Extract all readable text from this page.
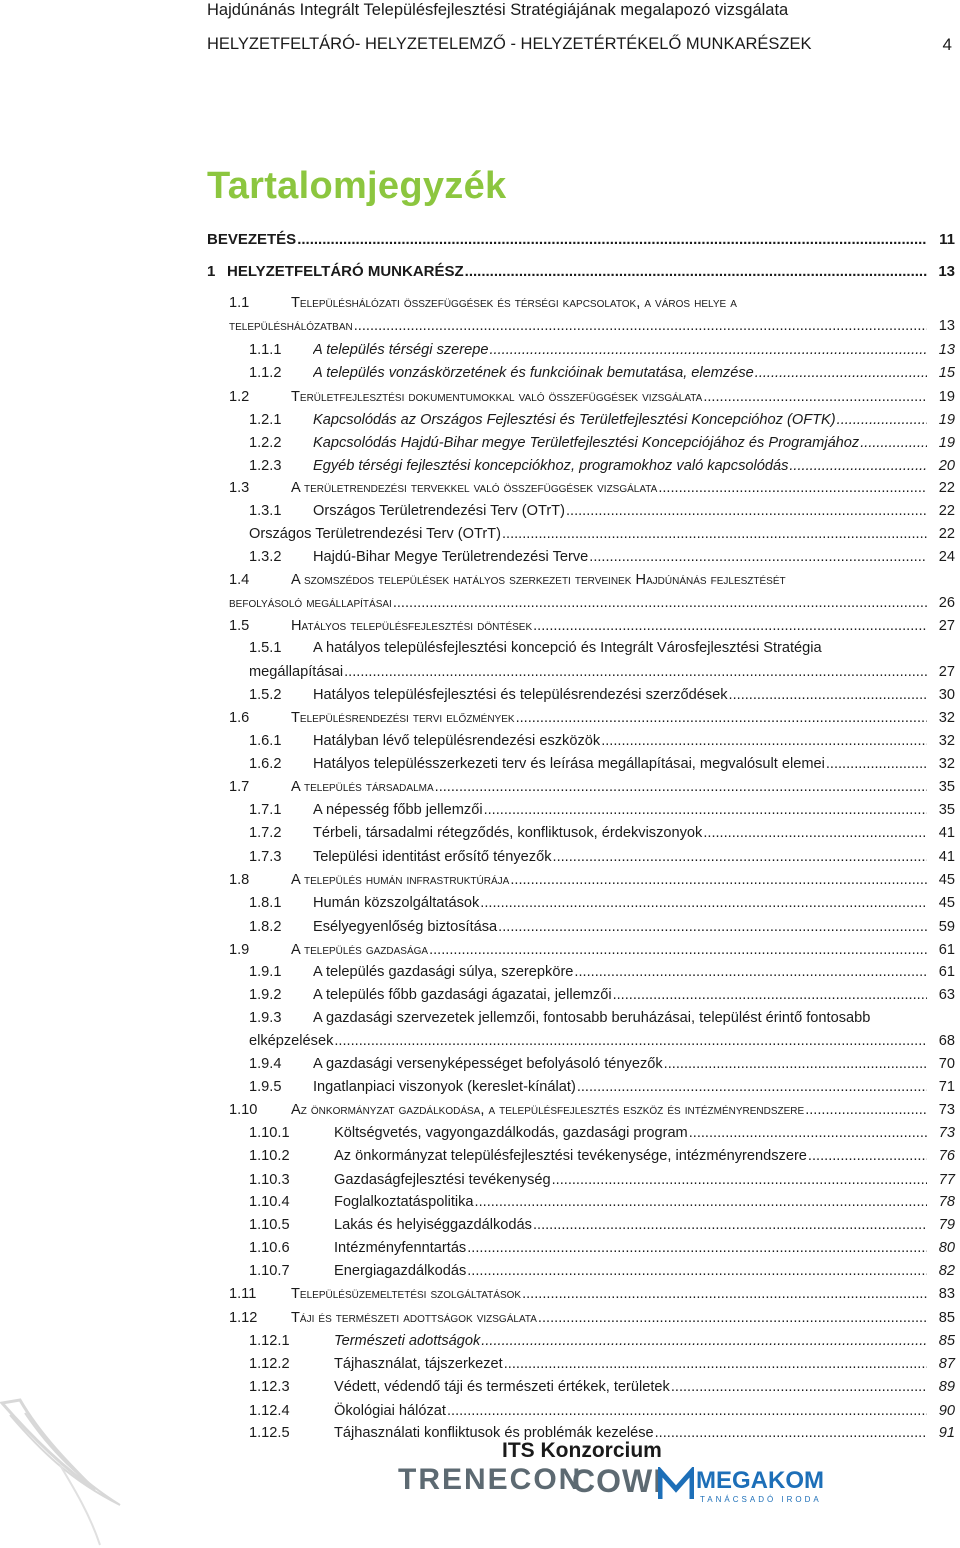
Hajdúnánás Integrált Településfejlesztési Stratégiájának megalapozó vizsgálata
HELYZETFELTÁRÓ- HELYZETELEMZŐ - HELYZETÉRTÉKELŐ MUNKARÉSZEK	4
Tartalomjegyzék
BEVEZETÉS .....	11
1 HELYZETFELTÁRÓ MUNKARÉSZ .....	13
1.1	Településhálózati összefüggések és térségi kapcsolatok, a város helye a
településhálózatban .....	13
1.1.1 A település térségi szerepe .....	13
1.1.2 A település vonzáskörzetének és funkcióinak bemutatása, elemzése .....	15
1.2	Területfejlesztési dokumentumokkal való összefüggések vizsgálata .....	19
1.2.1 Kapcsolódás az Országos Fejlesztési és Területfejlesztési Koncepcióhoz (OFTK) .....	19
1.2.2 Kapcsolódás Hajdú-Bihar megye Területfejlesztési Koncepciójához és Programjához .....	19
1.2.3 Egyéb térségi fejlesztési koncepciókhoz, programokhoz való kapcsolódás .....	20
1.3	A területrendezési tervekkel való összefüggések vizsgálata .....	22
1.3.1 Országos Területrendezési Terv (OTrT) .....	22
Országos Területrendezési Terv (OTrT) .....	22
1.3.2 Hajdú-Bihar Megye Területrendezési Terve .....	24
1.4	A szomszédos települések hatályos szerkezeti terveinek Hajdúnánás fejlesztését
befolyásoló megállapításai .....	26
1.5	Hatályos településfejlesztési döntések .....	27
1.5.1 A hatályos településfejlesztési koncepció és Integrált Városfejlesztési Stratégia
megállapításai .....	27
1.5.2 Hatályos településfejlesztési és településrendezési szerződések .....	30
1.6	Településrendezési tervi előzmények .....	32
1.6.1 Hatályban lévő településrendezési eszközök .....	32
1.6.2 Hatályos településszerkezeti terv és leírása megállapításai, megvalósult elemei .....	32
1.7	A település társadalma .....	35
1.7.1 A népesség főbb jellemzői .....	35
1.7.2 Térbeli, társadalmi rétegződés, konfliktusok, érdekviszonyok .....	41
1.7.3 Települési identitást erősítő tényezők .....	41
1.8	A település humán infrastruktúrája .....	45
1.8.1 Humán közszolgáltatások .....	45
1.8.2 Esélyegyenlőség biztosítása .....	59
1.9	A település gazdasága .....	61
1.9.1 A település gazdasági súlya, szerepköre .....	61
1.9.2 A település főbb gazdasági ágazatai, jellemzői .....	63
1.9.3 A gazdasági szervezetek jellemzői, fontosabb beruházásai, települést érintő fontosabb
elképzelések .....	68
1.9.4 A gazdasági versenyképességet befolyásoló tényezők .....	70
1.9.5 Ingatlanpiaci viszonyok (kereslet-kínálat) .....	71
1.10 Az önkormányzat gazdálkodása, a településfejlesztés eszköz és intézményrendszere .....	73
1.10.1	Költségvetés, vagyongazdálkodás, gazdasági program .....	73
1.10.2	Az önkormányzat településfejlesztési tevékenysége, intézményrendszere .....	76
1.10.3	Gazdaságfejlesztési tevékenység .....	77
1.10.4	Foglalkoztatáspolitika .....	78
1.10.5	Lakás és helyiséggazdálkodás .....	79
1.10.6	Intézményfenntartás .....	80
1.10.7	Energiagazdálkodás .....	82
1.11 Településüzemeltetési szolgáltatások .....	83
1.12 Táji és természeti adottságok vizsgálata .....	85
1.12.1	Természeti adottságok .....	85
1.12.2	Tájhasználat, tájszerkezet .....	87
1.12.3	Védett, védendő táji és természeti értékek, területek .....	89
1.12.4	Ökológiai hálózat .....	90
1.12.5	Tájhasználati konfliktusok és problémák kezelése .....	91
ITS Konzorcium
TRENECON
COWI MEGAKOM
TANÁCSADÓ IRODA
